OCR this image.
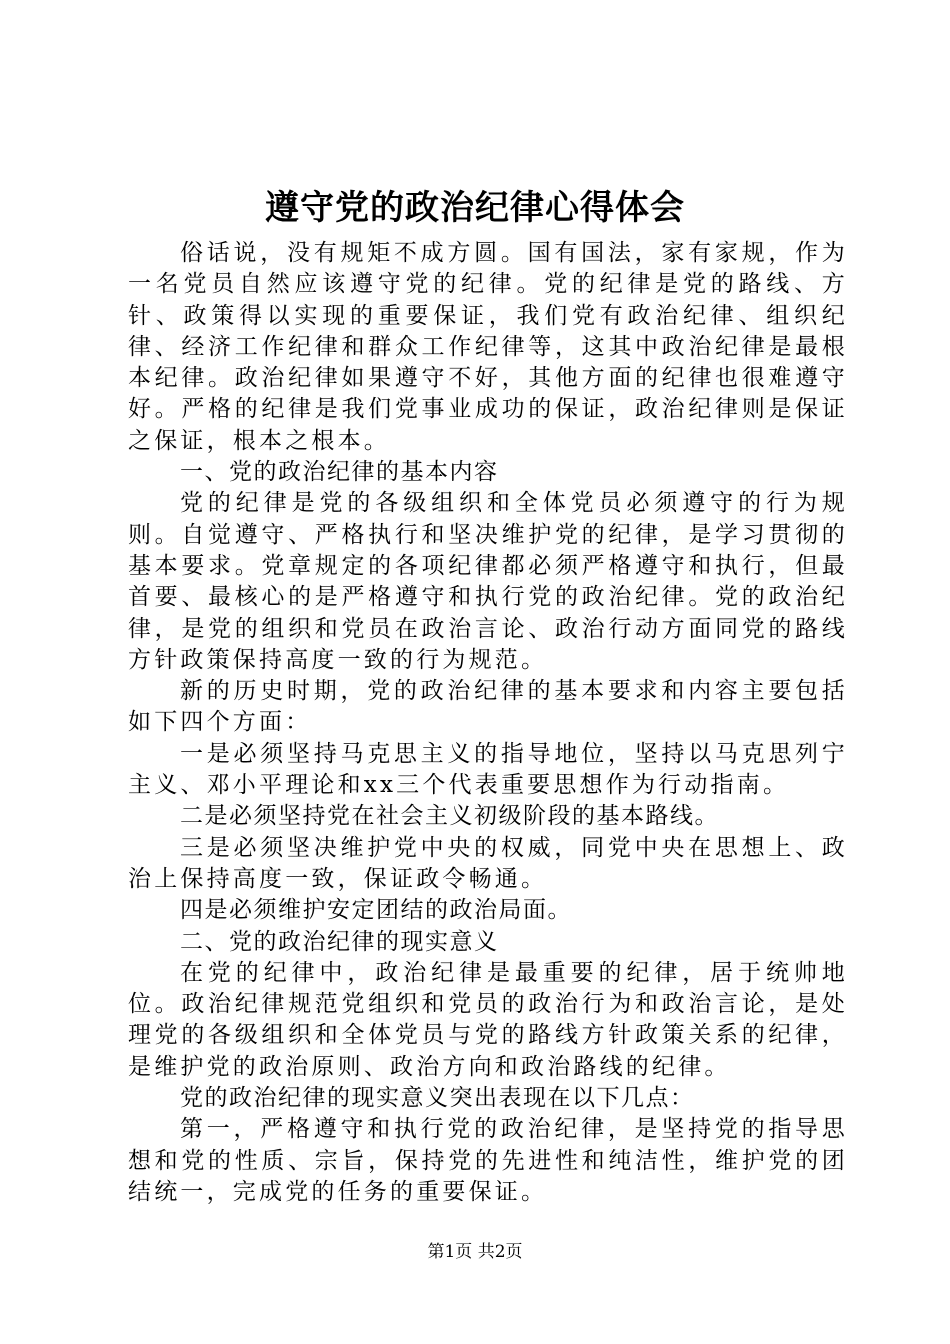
遵守党的政治纪律心得体会

俗话说，没有规矩不成方圆。国有国法，家有家规，作为一名党员自然应该遵守党的纪律。党的纪律是党的路线、方针、政策得以实现的重要保证，我们党有政治纪律、组织纪律、经济工作纪律和群众工作纪律等，这其中政治纪律是最根本纪律。政治纪律如果遵守不好，其他方面的纪律也很难遵守好。严格的纪律是我们党事业成功的保证，政治纪律则是保证之保证，根本之根本。

一、党的政治纪律的基本内容

党的纪律是党的各级组织和全体党员必须遵守的行为规则。自觉遵守、严格执行和坚决维护党的纪律，是学习贯彻的基本要求。党章规定的各项纪律都必须严格遵守和执行，但最首要、最核心的是严格遵守和执行党的政治纪律。党的政治纪律，是党的组织和党员在政治言论、政治行动方面同党的路线方针政策保持高度一致的行为规范。

新的历史时期，党的政治纪律的基本要求和内容主要包括如下四个方面：

一是必须坚持马克思主义的指导地位，坚持以马克思列宁主义、邓小平理论和xx三个代表重要思想作为行动指南。

二是必须坚持党在社会主义初级阶段的基本路线。

三是必须坚决维护党中央的权威，同党中央在思想上、政治上保持高度一致，保证政令畅通。

四是必须维护安定团结的政治局面。

二、党的政治纪律的现实意义

在党的纪律中，政治纪律是最重要的纪律，居于统帅地位。政治纪律规范党组织和党员的政治行为和政治言论，是处理党的各级组织和全体党员与党的路线方针政策关系的纪律，是维护党的政治原则、政治方向和政治路线的纪律。

党的政治纪律的现实意义突出表现在以下几点：

第一，严格遵守和执行党的政治纪律，是坚持党的指导思想和党的性质、宗旨，保持党的先进性和纯洁性，维护党的团结统一，完成党的任务的重要保证。

第1页 共2页
